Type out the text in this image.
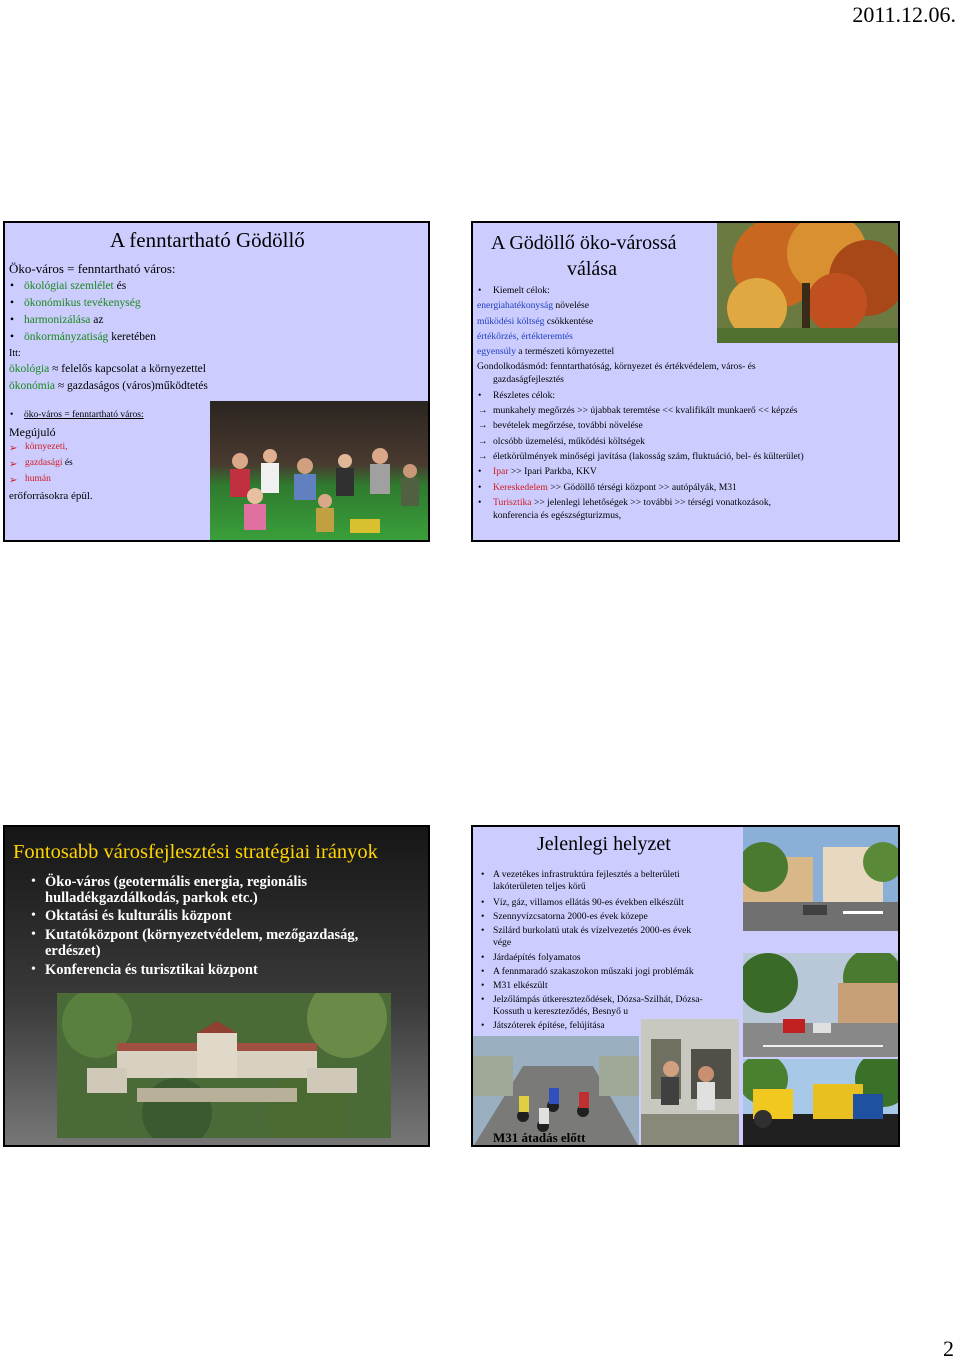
2011.12.06.
A fenntartható Gödöllő
Öko-város = fenntartható város:
• ökológiai szemlélet és
• ökonómikus tevékenység
• harmonizálása az
• önkormányzatiság keretében
Itt:
ökológia ≈ felelős kapcsolat a környezettel
ökonómia ≈ gazdaságos (város)működtetés
• öko-város = fenntartható város:
Megújuló
➢ környezeti,
➢ gazdasági és
➢ humán
erőforrásokra épül.
A Gödöllő öko-várossá
válása
• Kiemelt célok:
energiahatékonyság növelése
működési költség csökkentése
értékőrzés, értékteremtés
egyensúly a természeti környezettel
Gondolkodásmód: fenntarthatóság, környezet és értékvédelem, város- és
gazdaságfejlesztés
• Részletes célok:
→ munkahely megőrzés >> újabbak teremtése << kvalifikált munkaerő << képzés
→ bevételek megőrzése, további növelése
→ olcsóbb üzemelési, működési költségek
→ életkörülmények minőségi javítása (lakosság szám, fluktuáció, bel- és külterület)
• Ipar >> Ipari Parkba, KKV
• Kereskedelem >> Gödöllő térségi központ >> autópályák, M31
• Turisztika >> jelenlegi lehetőségek >> további >> térségi vonatkozások,
konferencia és egészségturizmus,
Fontosabb városfejlesztési stratégiai irányok
• Öko-város (geotermális energia, regionális
hulladékgazdálkodás, parkok etc.)
• Oktatási és kulturális központ
• Kutatóközpont (környezetvédelem, mezőgazdaság,
erdészet)
• Konferencia és turisztikai központ
Jelenlegi helyzet
• A vezetékes infrastruktúra fejlesztés a belterületi
lakóterületen teljes körű
• Víz, gáz, villamos ellátás 90-es években elkészült
• Szennyvízcsatorna 2000-es évek közepe
• Szilárd burkolatú utak és vízelvezetés 2000-es évek
vége
• Járdaépítés folyamatos
• A fennmaradó szakaszokon műszaki jogi problémák
• M31 elkészült
• Jelzőlámpás útkereszteződések, Dózsa-Szilhát, Dózsa-
Kossuth u kereszteződés, Besnyő u
• Játszóterek építése, felújítása
M31 átadás előtt
2
